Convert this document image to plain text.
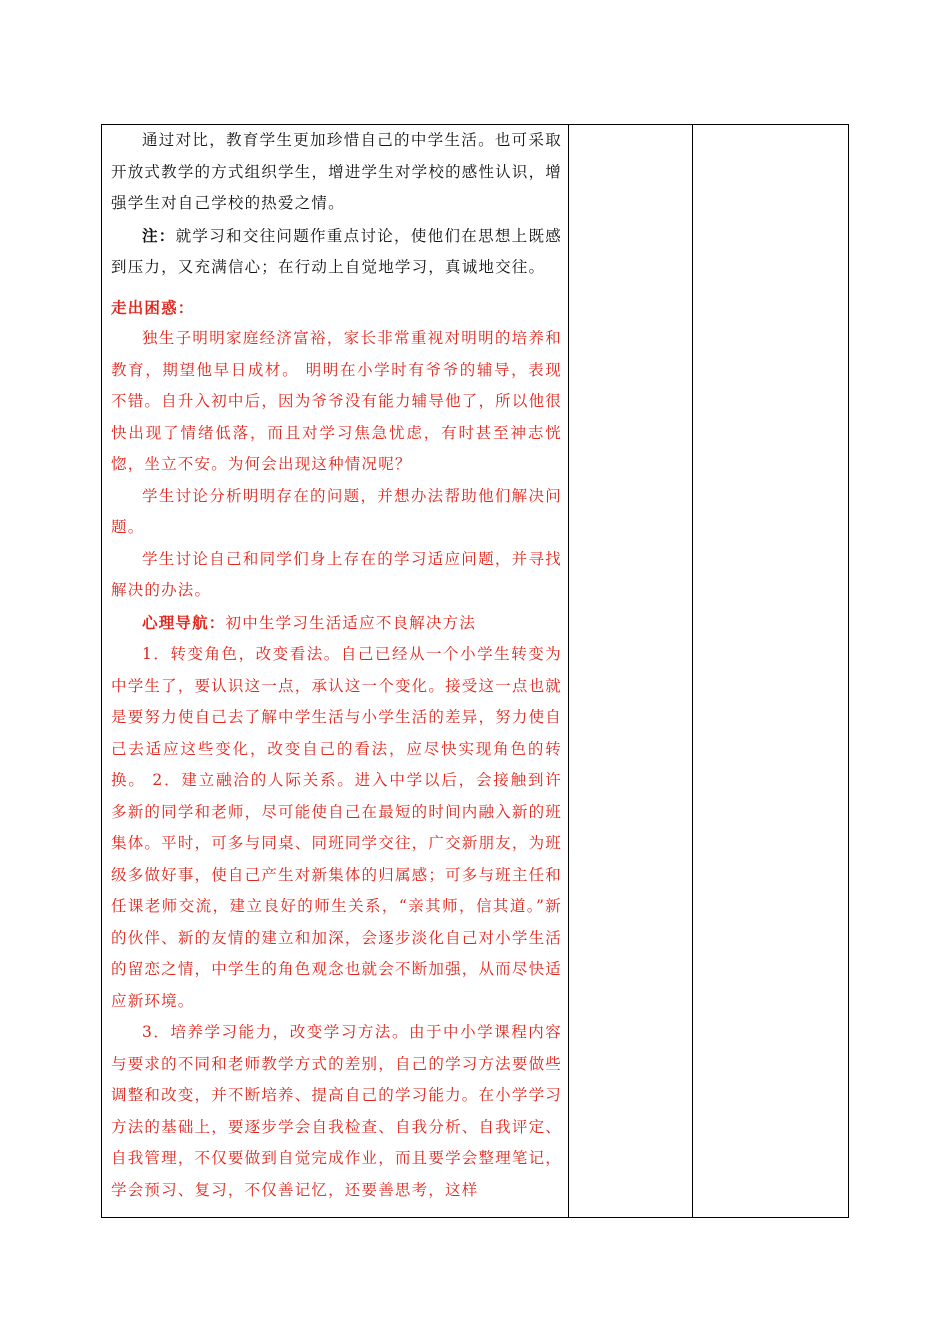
通过对比，教育学生更加珍惜自己的中学生活。也可采取开放式教学的方式组织学生，增进学生对学校的感性认识，增强学生对自己学校的热爱之情。

注：就学习和交往问题作重点讨论，使他们在思想上既感到压力，又充满信心；在行动上自觉地学习，真诚地交往。

走出困惑：

独生子明明家庭经济富裕，家长非常重视对明明的培养和教育，期望他早日成材。 明明在小学时有爷爷的辅导，表现不错。自升入初中后，因为爷爷没有能力辅导他了，所以他很快出现了情绪低落，而且对学习焦急忧虑，有时甚至神志恍惚，坐立不安。为何会出现这种情况呢？

学生讨论分析明明存在的问题，并想办法帮助他们解决问题。

学生讨论自己和同学们身上存在的学习适应问题，并寻找解决的办法。

心理导航：初中生学习生活适应不良解决方法

1．转变角色，改变看法。自己已经从一个小学生转变为中学生了，要认识这一点，承认这一个变化。接受这一点也就是要努力使自己去了解中学生活与小学生活的差异，努力使自己去适应这些变化，改变自己的看法，应尽快实现角色的转换。 2．建立融洽的人际关系。进入中学以后，会接触到许多新的同学和老师，尽可能使自己在最短的时间内融入新的班集体。平时，可多与同桌、同班同学交往，广交新朋友，为班级多做好事，使自己产生对新集体的归属感；可多与班主任和任课老师交流，建立良好的师生关系，“亲其师，信其道。”新的伙伴、新的友情的建立和加深，会逐步淡化自己对小学生活的留恋之情，中学生的角色观念也就会不断加强，从而尽快适应新环境。

3．培养学习能力，改变学习方法。由于中小学课程内容与要求的不同和老师教学方式的差别，自己的学习方法要做些调整和改变，并不断培养、提高自己的学习能力。在小学学习方法的基础上，要逐步学会自我检查、自我分析、自我评定、自我管理，不仅要做到自觉完成作业，而且要学会整理笔记，学会预习、复习，不仅善记忆，还要善思考，这样
